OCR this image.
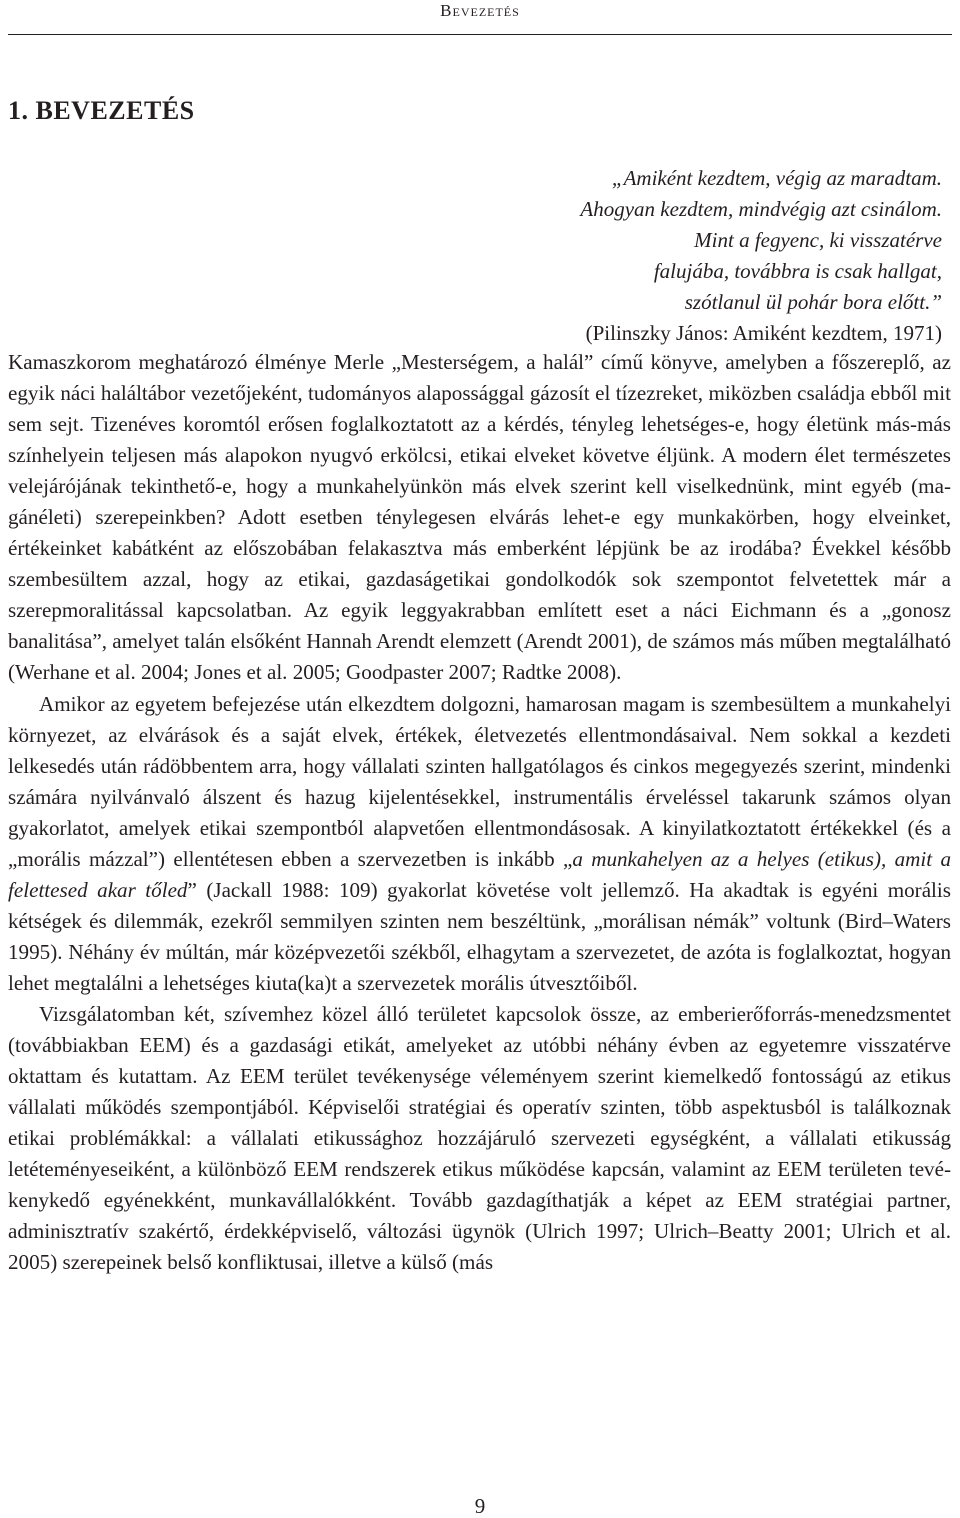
Bevezetés
1. BEVEZETÉS
„Amiként kezdtem, végig az maradtam.
Ahogyan kezdtem, mindvégig azt csinálom.
Mint a fegyenc, ki visszatérve
falujába, továbbra is csak hallgat,
szótlanul ül pohár bora előtt.”
(Pilinszky János: Amiként kezdtem, 1971)

Kamaszkorom meghatározó élménye Merle „Mesterségem, a halál” című könyve, amelyben a főszereplő, az egyik náci haláltábor vezetőjeként, tudományos alapossággal gázosít el tízezreket, miközben családja ebből mit sem sejt. Tizenéves koromtól erősen foglalkoztatott az a kérdés, tényleg lehetséges-e, hogy életünk más-más színhelyein teljesen más alapokon nyugvó erkölcsi, etikai elveket követve éljünk. A modern élet természetes velejárójának tekinthető-e, hogy a munkahelyünkön más elvek szerint kell viselkednünk, mint egyéb (magánéleti) szerepeinkben? Adott esetben ténylegesen elvárás lehet-e egy munkakörben, hogy elveinket, értékeinket kabátként az előszobában felakasztva más emberként lépjünk be az irodába? Évekkel később szembesültem azzal, hogy az etikai, gazdaságetikai gondolkodók sok szempontot felvetettek már a szerepmoralitással kapcsolatban. Az egyik leggyakrabban említett eset a náci Eichmann és a „gonosz banalitása”, amelyet talán elsőként Hannah Arendt elemzett (Arendt 2001), de számos más műben megtalálható (Werhane et al. 2004; Jones et al. 2005; Goodpaster 2007; Radtke 2008).

Amikor az egyetem befejezése után elkezdtem dolgozni, hamarosan magam is szembesültem a munkahelyi környezet, az elvárások és a saját elvek, értékek, életvezetés ellentmondásaival. Nem sokkal a kezdeti lelkesedés után rádöbbentem arra, hogy vállalati szinten hallgatólagos és cinkos megegyezés szerint, mindenki számára nyilvánvaló álszent és hazug kijelentésekkel, instrumentális érveléssel takarunk számos olyan gyakorlatot, amelyek etikai szempontból alapvetően ellentmondásosak. A kinyilatkoztatott értékekkel (és a „morális mázzal”) ellentétesen ebben a szervezetben is inkább „a munkahelyen az a helyes (etikus), amit a felettesed akar tőled” (Jackall 1988: 109) gyakorlat követése volt jellemző. Ha akadtak is egyéni morális kétségek és dilemmák, ezekről semmilyen szinten nem beszéltünk, „morálisan némák” voltunk (Bird–Waters 1995). Néhány év múltán, már középvezetői székből, elhagytam a szervezetet, de azóta is foglalkoztat, hogyan lehet megtalálni a lehetséges kiuta(ka)t a szervezetek morális útvesztőiből.

Vizsgálatomban két, szívemhez közel álló területet kapcsolok össze, az emberierőforrás-menedzsmentet (továbbiakban EEM) és a gazdasági etikát, amelyeket az utóbbi néhány évben az egyetemre visszatérve oktattam és kutattam. Az EEM terület tevékenysége véleményem szerint kiemelkedő fontosságú az etikus vállalati működés szempontjából. Képviselői stratégiai és operatív szinten, több aspektusból is találkoznak etikai problémákkal: a vállalati etikussághoz hozzájáruló szervezeti egységként, a vállalati etikusság letéteményeseiként, a különböző EEM rendszerek etikus működése kapcsán, valamint az EEM területen tevékenykedő egyénekként, munkavállalókként. Tovább gazdagíthatják a képet az EEM stratégiai partner, adminisztratív szakértő, érdekképviselő, változási ügynök (Ulrich 1997; Ulrich–Beatty 2001; Ulrich et al. 2005) szerepeinek belső konfliktusai, illetve a külső (más

9
